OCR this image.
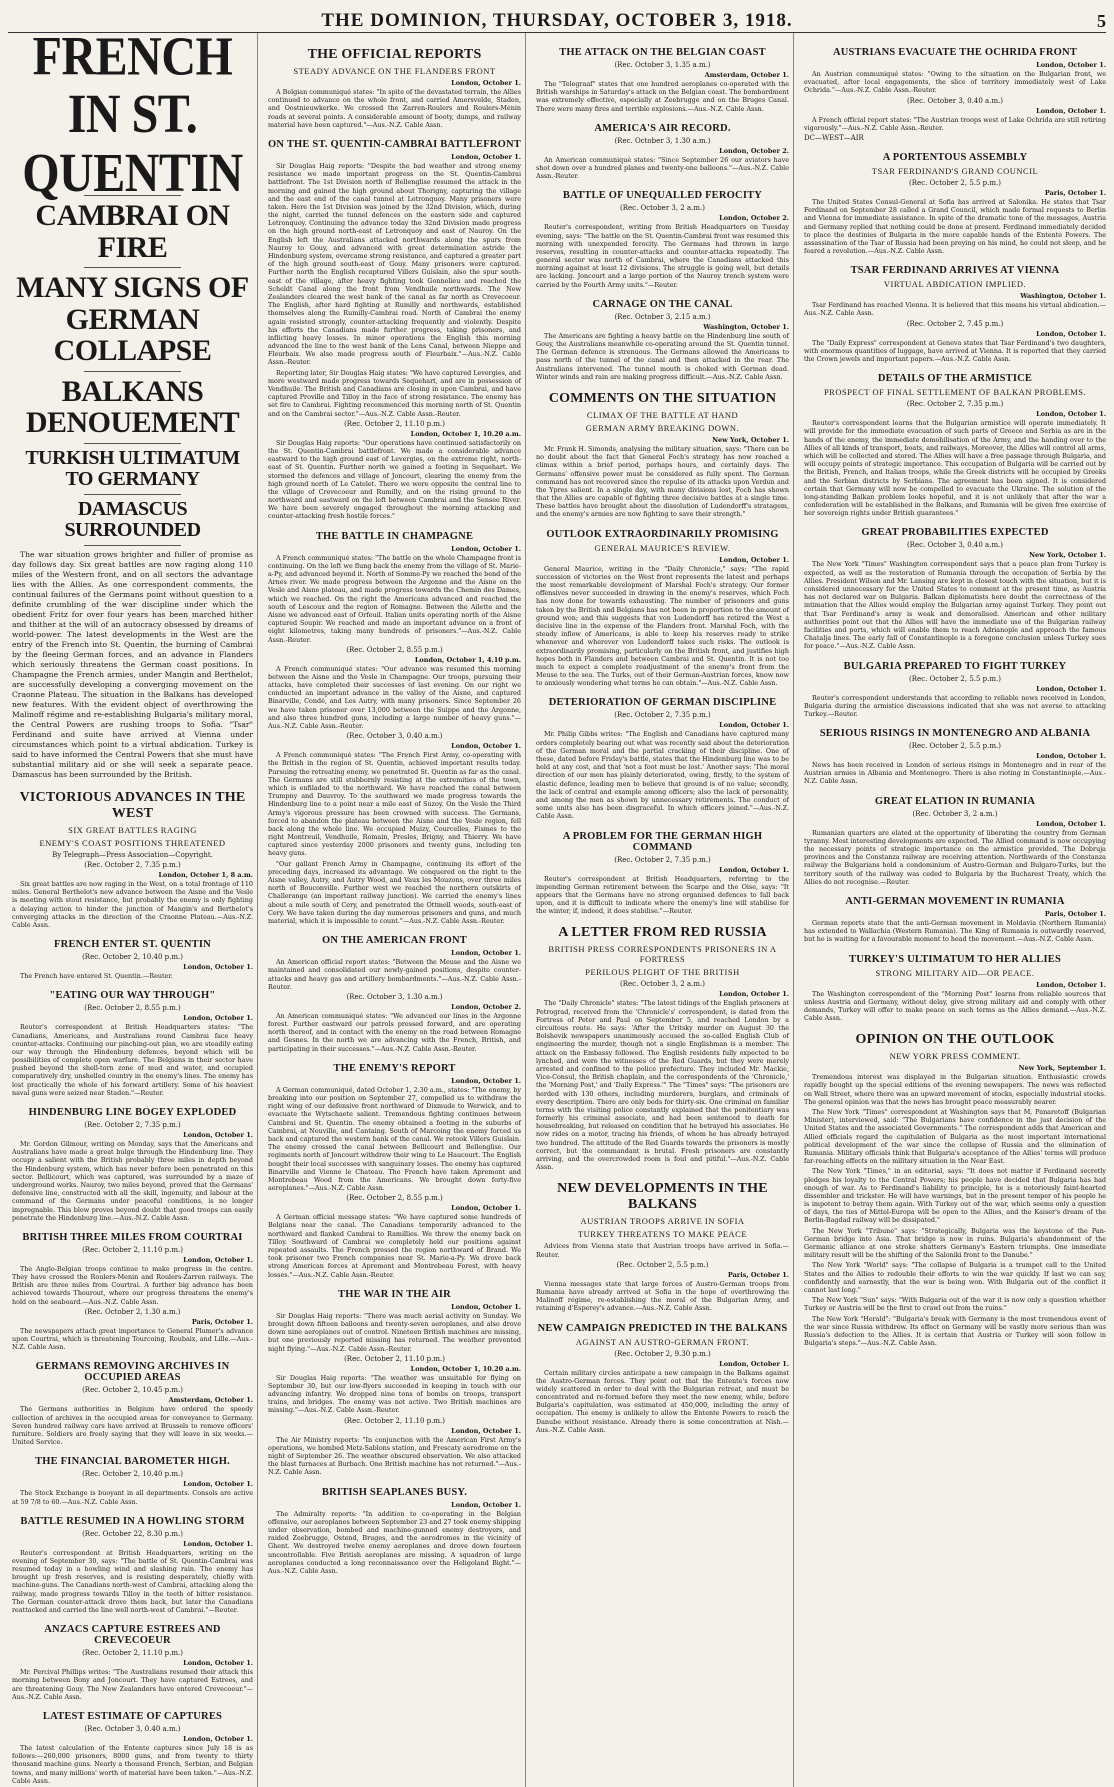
THE DOMINION, THURSDAY, OCTOBER 3, 1918.	5
FRENCH IN ST. QUENTIN
CAMBRAI ON FIRE
MANY SIGNS OF GERMAN COLLAPSE
BALKANS DENOUEMENT
TURKISH ULTIMATUM TO GERMANY
DAMASCUS SURROUNDED

The war situation grows brighter and fuller of promise as day follows day. Six great battles are now raging along 110 miles of the Western front, and on all sectors the advantage lies with the Allies. As one correspondent comments, the continual failures of the Germans point without question to a definite crumbling of the war discipline under which the obedient Fritz for over four years has been marched hither and thither at the will of an autocracy obsessed by dreams of world-power. The latest developments in the West are the entry of the French into St. Quentin, the burning of Cambrai by the fleeing German forces, and an advance in Flanders which seriously threatens the German coast positions. In Champagne the French armies, under Mangin and Berthelot, are successfully developing a converging movement on the Craonne Plateau. The situation in the Balkans has developed new features. With the evident object of overthrowing the Malinoff régime and re-establishing Bulgaria's military moral, the Central Powers are rushing troops to Sofia. "Tsar" Ferdinand and suite have arrived at Vienna under circumstances which point to a virtual abdication. Turkey is said to have informed the Central Powers that she must have substantial military aid or she will seek a separate peace. Damascus has been surrounded by the British.

VICTORIOUS ADVANCES IN THE WEST
SIX GREAT BATTLES RAGING
ENEMY'S COAST POSITIONS THREATENED
By Telegraph—Press Association—Copyright.
(Rec. October 2, 7.35 p.m.)
London, October 1, 8 a.m.

Six great battles are now raging in the West, on a total frontage of 110 miles. General Berthelot's new advance between the Aisne and the Vesle is meeting with stout resistance, but probably the enemy is only fighting a delaying action to hinder the junction of Mangin's and Berthelot's converging attacks in the direction of the Craonne Plateau.—Aus.-N.Z. Cable Assn.

FRENCH ENTER ST. QUENTIN
(Rec. October 2, 10.40 p.m.)
London, October 1.

The French have entered St. Quentin.—Reuter.

"EATING OUR WAY THROUGH"
(Rec. October 2, 8.55 p.m.)
London, October 1.

Reuter's correspondent at British Headquarters states: "The Canadians, Americans, and Australians round Cambrai face heavy counter-attacks. Continuing our pinching-out plan, we are steadily eating our way through the Hindenburg defences, beyond which will be possibilities of complete open warfare. The Belgians in their sector have pushed beyond the shell-torn zone of mud and water, and occupied comparatively dry, unshelled country in the enemy's lines. The enemy has lost practically the whole of his forward artillery. Some of his heaviest naval guns were seized near Staden."—Reuter.

HINDENBURG LINE BOGEY EXPLODED
(Rec. October 2, 7.35 p.m.)
London, October 1.

Mr. Gordon Gilmour, writing on Monday, says that the Americans and Australians have made a great bulge through the Hindenburg line. They occupy a salient with the British probably three miles in depth beyond the Hindenburg system, which has never before been penetrated on this sector. Bellicourt, which was captured, was surrounded by a maze of underground works. Nauroy, two miles beyond, proved that the Germans' defensive line, constructed with all the skill, ingenuity, and labour at the command of the Germans under peaceful conditions, is no longer impregnable. This blow proves beyond doubt that good troops can easily penetrate the Hindenburg line.—Aus.-N.Z. Cable Assn.

BRITISH THREE MILES FROM COURTRAI
(Rec. October 2, 11.10 p.m.)
London, October 1.

The Anglo-Belgian troops continue to make progress in the centre. They have crossed the Roulers-Menin and Roulers-Zarren railways. The British are three miles from Courtrai. A further big advance has been achieved towards Thourout, where our progress threatens the enemy's hold on the seaboard.—Aus.-N.Z. Cable Assn.

(Rec. October 2, 1.30 a.m.)
Paris, October 1.

The newspapers attach great importance to General Plumer's advance upon Courtrai, which is threatening Tourcoing, Roubaix, and Lille.—Aus.-N.Z. Cable Assn.

GERMANS REMOVING ARCHIVES IN OCCUPIED AREAS
(Rec. October 2, 10.45 p.m.)
Amsterdam, October 1.

The Germans authorities in Belgium have ordered the speedy collection of archives in the occupied areas for conveyance to Germany. Seven hundred railway cars have arrived at Brussels to remove officers' furniture. Soldiers are freely saying that they will leave in six weeks.—United Service.

THE FINANCIAL BAROMETER HIGH.
(Rec. October 2, 10.40 p.m.)
London, October 1.

The Stock Exchange is buoyant in all departments. Consols are active at 59 7/8 to 60.—Aus.-N.Z. Cable Assn.

BATTLE RESUMED IN A HOWLING STORM
(Rec. October 22, 8.30 p.m.)
London, October 1.

Reuter's correspondent at British Headquarters, writing on the evening of September 30, says: "The battle of St. Quentin-Cambrai was resumed today in a howling wind and slashing rain. The enemy has brought up fresh reserves, and is resisting desperately, chiefly with machine-guns. The Canadians north-west of Cambrai, attacking along the railway, made progress towards Tilloy in the teeth of bitter resistance. The German counter-attack drove them back, but later the Canadians reattacked and carried the line well north-west of Cambrai."—Reuter.

ANZACS CAPTURE ESTREES AND CREVECOEUR
(Rec. October 2, 11.10 p.m.)
London, October 1.

Mr. Percival Phillips writes: "The Australians resumed their attack this morning between Bony and Joncourt. They have captured Estrees, and are threatening Gouy. The New Zealanders have entered Crevecoeur."—Aus.-N.Z. Cable Assn.

LATEST ESTIMATE OF CAPTURES
(Rec. October 3, 0.40 a.m.)
London, October 1.

The latest calculation of the Entente captures since July 18 is as follows:—260,000 prisoners, 8000 guns, and from twenty to thirty thousand machine guns. Nearly a thousand French, Serbian, and Belgian towns, and many millions' worth of material have been taken."—Aus.-N.Z. Cable Assn.

THE OFFICIAL REPORTS
STEADY ADVANCE ON THE FLANDERS FRONT
London, October 1.

A Belgian communiqué states: "In spite of the devastated terrain, the Allies continued to advance on the whole front, and carried Amersvelde, Staden, and Oostnieuwkerke. We crossed the Zarren-Roulers and Roulers-Menin roads at several points. A considerable amount of booty, dumps, and railway material have been captured."—Aus.-N.Z. Cable Assn.

ON THE ST. QUENTIN-CAMBRAI BATTLEFRONT
London, October 1.

Sir Douglas Haig reports: "Despite the bad weather and strong enemy resistance we made important progress on the St. Quentin-Cambrai battlefront. The 1st Division north of Bellenglise resumed the attack in the morning and gained the high ground about Thorigny, capturing the village and the east end of the canal tunnel at Letronquoy. Many prisoners were taken. Here the 1st Division was joined by the 32nd Division, which, during the night, carried the tunnel defences on the eastern side and captured Letronquoy. Continuing the advance today the 32nd Division made progress on the high ground north-east of Letronquoy and east of Nauroy. On the English left the Australians attacked northwards along the spurs from Nauroy to Gouy, and advanced with great determination astride the Hindenburg system, overcame strong resistance, and captured a greater part of the high ground south-east of Gouy. Many prisoners were captured. Further north the English recaptured Villers Guislain, also the spur south-east of the village, after heavy fighting took Gonnelieu and reached the Scheldt Canal along the front from Vendhuile northwards. The New Zealanders cleared the west bank of the canal as far north as Crevecoeur. The English, after hard fighting at Rumilly and northwards, established themselves along the Rumilly-Cambrai road. North of Cambrai the enemy again resisted strongly, counter-attacking frequently and violently. Despite his efforts the Canadians made further progress, taking prisoners, and inflicting heavy losses. In minor operations the English this morning advanced the line to the west bank of the Lens Canal, between Nieppe and Fleurbaix. We also made progress south of Fleurbaix."—Aus.-N.Z. Cable Assn.-Reuter.

Reporting later, Sir Douglas Haig states: "We have captured Levergies, and more westward made progress towards Sequehart, and are in possession of Vendhuile. The British and Canadians are closing in upon Cambrai, and have captured Proville and Tilloy in the face of strong resistance. The enemy has set fire to Cambrai. Fighting recommenced this morning north of St. Quentin and on the Cambrai sector."—Aus.-N.Z. Cable Assn.-Reuter.

(Rec. October 2, 11.10 p.m.)
London, October 1, 10.20 a.m.

Sir Douglas Haig reports: "Our operations have continued satisfactorily on the St. Quentin-Cambrai battlefront. We made a considerable advance eastward to the high ground east of Levergies, on the extreme right, north-east of St. Quentin. Further north we gained a footing in Sequehart. We stormed the defences and village of Joncourt, clearing the enemy from the high ground north of Le Catelet. There we were opposite the central line to the village of Crevecoeur and Rumilly, and on the rising ground to the northward and eastward on the left between Cambrai and the Sensee River. We have been severely engaged throughout the morning attacking and counter-attacking fresh hostile forces."

THE BATTLE IN CHAMPAGNE
London, October 1.

A French communiqué states: "The battle on the whole Champagne front is continuing. On the left we flung back the enemy from the village of St. Marie-a-Py, and advanced beyond it. North of Somme-Py we reached the bend of the Arnes river. We made progress between the Argonne and the Aisne on the Vesle and Aisne plateau, and made progress towards the Chemin des Dames, which we reached. On the right the Americans advanced and reached the south of Lescoux and the region of Romagne. Between the Ailette and the Aisne we advanced east of Orfeuil. Italian units operating north of the Aisne captured Soupir. We reached and made an important advance on a front of eight kilometres, taking many hundreds of prisoners."—Aus.-N.Z. Cable Assn.-Reuter.

(Rec. October 2, 8.55 p.m.)
London, October 1, 4.10 p.m.

A French communiqué states: "Our advance was resumed this morning between the Aisne and the Vesle in Champagne. Our troops, pursuing their attacks, have completed their successes of last evening. On our right we conducted an important advance in the valley of the Aisne, and captured Binarville, Condé, and Les Autry, with many prisoners. Since September 26 we have taken prisoner over 13,000 between the Suippe and the Argonne, and also three hundred guns, including a large number of heavy guns."—Aus.-N.Z. Cable Assn.-Reuter.

(Rec. October 3, 0.40 a.m.)
London, October 1.

A French communiqué states: "The French First Army, co-operating with the British in the region of St. Quentin, achieved important results today. Pursuing the retreating enemy, we penetrated St. Quentin as far as the canal. The Germans are still stubbornly resisting at the extremities of the town, which is enfiladed to the northward. We have reached the canal between Trumpny and Dauvroy. To the southward we made progress towards the Hindenburg line to a point near a mile east of Suzoy. On the Vesle the Third Army's vigorous pressure has been crowned with success. The Germans, forced to abandon the plateau between the Aisne and the Vesle region, fell back along the whole line. We occupied Muizy, Courcelles, Fismes to the right Montreuil, Vendhuile, Romain, Presles, Brigny, and Thierry. We have captured since yesterday 2000 prisoners and twenty guns, including ten heavy guns.

"Our gallant French Army in Champagne, continuing its effort of the preceding days, increased its advantage. We conquered on the right to the Aisne valley, Autry, and Autry Wood, and Vaux les Mouzons, over three miles north of Bouconville. Further west we reached the northern outskirts of Challerange (an important railway junction). We carried the enemy's lines about a mile south of Cery, and penetrated the Ottmell woods, south-east of Cery. We have taken during the day numerous prisoners and guns, and much material, which it is impossible to count."—Aus.-N.Z. Cable Assn.-Reuter.

ON THE AMERICAN FRONT
London, October 1.

An American official report states: "Between the Meuse and the Aisne we maintained and consolidated our newly-gained positions, despite counter-attacks and heavy gas and artillery bombardments."—Aus.-N.Z. Cable Assn.-Reuter.

(Rec. October 3, 1.30 a.m.)
London, October 2.

An American communiqué states: "We advanced our lines in the Argonne forest. Further eastward our patrols pressed forward, and are operating north thereof, and in contact with the enemy on the road between Romagne and Gesnes. In the north we are advancing with the French, British, and participating in their successes."—Aus.-N.Z. Cable Assn.-Reuter.

THE ENEMY'S REPORT
London, October 1.

A German communiqué, dated October 1, 2.30 a.m., states: "The enemy, by breaking into our position on September 27, compelled us to withdraw the right wing of our defensive front northward of Dixmude to Werwick, and to evacuate the Wytschaete salient. Tremendous fighting continues between Cambrai and St. Quentin. The enemy obtained a footing in the suburbs of Cambrai, at Neuville, and Cantaing. South of Marcoing the enemy forced us back and captured the western bank of the canal. We retook Villers Guislain. The enemy crossed the canal between Bellicourt and Bellenglise. Our regiments north of Joncourt withdrew their wing to Le Haucourt. The English bought their local successes with sanguinary losses. The enemy has captured Binarville and Vienne le Chateau. The French have taken Apremont and Montrebeau Wood from the Americans. We brought down forty-five aeroplanes."—Aus.-N.Z. Cable Assn.

(Rec. October 2, 8.55 p.m.)
London, October 1.

A German official message states: "We have captured some hundreds of Belgians near the canal. The Canadians temporarily advanced to the northward and flanked Cambrai to Ramillies. We threw the enemy back on Tilloy. Southward of Cambrai we completely held our positions against repeated assaults. The French pressed the region northward of Brand. We took prisoner two French companies near St. Marie-a-Py. We drove back strong American forces at Apremont and Montrebeau Forest, with heavy losses."—Aus.-N.Z. Cable Assn.-Reuter.

THE WAR IN THE AIR
London, October 1.

Sir Douglas Haig reports: "There was much aerial activity on Sunday. We brought down fifteen balloons and twenty-seven aeroplanes, and also drove down nine aeroplanes out of control. Nineteen British machines are missing, but one previously reported missing has returned. The weather prevented night flying."—Aus.-N.Z. Cable Assn.-Reuter.

(Rec. October 2, 11.10 p.m.)
London, October 1, 10.20 a.m.

Sir Douglas Haig reports: "The weather was unsuitable for flying on September 30, but our low-flyers succeeded in keeping in touch with our advancing infantry. We dropped nine tons of bombs on troops, transport trains, and bridges. The enemy was not active. Two British machines are missing."—Aus.-N.Z. Cable Assn.-Reuter.

(Rec. October 2, 11.10 p.m.)
London, October 1.

The Air Ministry reports: "In conjunction with the American First Army's operations, we bombed Metz-Sablons station, and Frescaty aerodrome on the night of September 26. The weather obscured observation. We also attacked the blast furnaces at Burbach. One British machine has not returned."—Aus.-N.Z. Cable Assn.

BRITISH SEAPLANES BUSY.
London, October 1.

The Admiralty reports: "In addition to co-operating in the Belgian offensive, our aeroplanes between September 23 and 27 took enemy shipping under observation, bombed and machine-gunned enemy destroyers, and raided Zeebrugge, Ostend, Bruges, and the aerodromes in the vicinity of Ghent. We destroyed twelve enemy aeroplanes and drove down fourteen uncontrollable. Five British aeroplanes are missing. A squadron of large aeroplanes conducted a long reconnaissance over the Heligoland Bight."—Aus.-N.Z. Cable Assn.

THE ATTACK ON THE BELGIAN COAST
(Rec. October 3, 1.35 a.m.)
Amsterdam, October 1.

The "Telegraaf" states that one hundred aeroplanes co-operated with the British warships in Saturday's attack on the Belgian coast. The bombardment was extremely effective, especially at Zeebrugge and on the Bruges Canal. There were many fires and terrible explosions.—Aus.-N.Z. Cable Assn.

AMERICA'S AIR RECORD.
(Rec. October 3, 1.30 a.m.)
London, October 2.

An American communiqué states: "Since September 26 our aviators have shot down over a hundred planes and twenty-one balloons."—Aus.-N.Z. Cable Assn.-Reuter.

BATTLE OF UNEQUALLED FEROCITY
(Rec. October 3, 2 a.m.)
London, October 2.

Reuter's correspondent, writing from British Headquarters on Tuesday evening, says: "The battle on the St. Quentin-Cambrai front was resumed this morning with unexpended ferocity. The Germans had thrown in large reserves, resulting in counter-attacks and counter-attacks repeatedly. The general sector was north of Cambrai, where the Canadians attacked this morning against at least 12 divisions. The struggle is going well, but details are lacking. Joncourt and a large portion of the Nauroy trench system were carried by the Fourth Army units."—Reuter.

CARNAGE ON THE CANAL
(Rec. October 3, 2.15 a.m.)
Washington, October 1.

The Americans are fighting a heavy battle on the Hindenburg line south of Gouy, the Australians meanwhile co-operating around the St. Quentin tunnel. The German defence is strenuous. The Germans allowed the Americans to pass north of the tunnel of the canal and then attacked in the rear. The Australians intervened. The tunnel mouth is choked with German dead. Winter winds and rain are making progress difficult.—Aus.-N.Z. Cable Assn.

COMMENTS ON THE SITUATION
CLIMAX OF THE BATTLE AT HAND
GERMAN ARMY BREAKING DOWN.
New York, October 1.

Mr. Frank H. Simonds, analysing the military situation, says: "There can be no doubt about the fact that General Foch's strategy has now reached a climax within a brief period, perhaps hours, and certainly days. The Germans' offensive power must be considered as fully spent. The German command has not recovered since the repulse of its attacks upon Verdun and the Ypres salient. In a single day, with many divisions lost, Foch has shown that the Allies are capable of fighting three decisive battles at a single time. These battles have brought about the dissolution of Ludendorff's stratagem, and the enemy's armies are now fighting to save their strength."

OUTLOOK EXTRAORDINARILY PROMISING
GENERAL MAURICE'S REVIEW.
London, October 1.

General Maurice, writing in the "Daily Chronicle," says: "The rapid succession of victories on the West front represents the latest and perhaps the most remarkable development of Marshal Foch's strategy. Our former offensives never succeeded in drawing in the enemy's reserves, which Foch has now done for towards exhausting. The number of prisoners and guns taken by the British and Belgians has not been in proportion to the amount of ground won; and this suggests that von Ludendorff has retired the West a decisive line in the expense of the Flanders front. Marshal Foch, with the steady inflow of Americans, is able to keep his reserves ready to strike whenever and wherever von Ludendorff takes such risks. The outlook is extraordinarily promising, particularly on the British front, and justifies high hopes both in Flanders and between Cambrai and St. Quentin. It is not too much to expect a complete readjustment of the enemy's front from the Meuse to the sea. The Turks, out of their German-Austrian forces, know now to anxiously wondering what terms he can obtain."—Aus.-N.Z. Cable Assn.

DETERIORATION OF GERMAN DISCIPLINE
(Rec. October 2, 7.35 p.m.)
London, October 1.

Mr. Philip Gibbs writes: "The English and Canadians have captured many orders completely bearing out what was recently said about the deterioration of the German moral and the partial cracking of their discipline. One of these, dated before Friday's battle, states that the Hindenburg line was to be held at any cost, and that 'not a foot must be lost.' Another says: 'The moral direction of our men has plainly deteriorated, owing, firstly, to the system of elastic defence, leading men to believe that ground is of no value; secondly, the lack of central and example among officers; also the lack of personality, and among the men as shown by unnecessary retirements. The conduct of some units also has been disgraceful. In which officers joined."—Aus.-N.Z. Cable Assn.

A PROBLEM FOR THE GERMAN HIGH COMMAND
(Rec. October 2, 7.35 p.m.)
London, October 1.

Reuter's correspondent at British Headquarters, referring to the impending German retirement between the Scarpe and the Oise, says: "It appears that the Germans have no strong organised defences to fall back upon, and it is difficult to indicate where the enemy's line will stabilise for the winter, if, indeed, it does stabilise."—Reuter.

A LETTER FROM RED RUSSIA
BRITISH PRESS CORRESPONDENTS PRISONERS IN A FORTRESS
PERILOUS PLIGHT OF THE BRITISH
(Rec. October 3, 2 a.m.)
London, October 1.

The "Daily Chronicle" states: "The latest tidings of the English prisoners at Petrograd, received from the 'Chronicle's' correspondent, is dated from the Fortress of Peter and Paul on September 5, and reached London by a circuitous route. He says: 'After the Uritsky murder on August 30 the Bolshevik newspapers unanimously accused the so-called English Club of engineering the murder, though not a single Englishman is a member. The attack on the Embassy followed. The English residents fully expected to be lynched, and were the witnesses of the Red Guards, but they were merely arrested and confined to the police prefecture. They included Mr. Mackie, Vice-Consul, the British chaplain, and the correspondents of the 'Chronicle,' the 'Morning Post,' and 'Daily Express.'" The "Times" says: "The prisoners are herded with 130 others, including murderers, burglars, and criminals of every description. There are only beds for thirty-six. One criminal on familiar terms with the visiting police constantly explained that the penitentiary was formerly his criminal associate, and had been sentenced to death for housebreaking, but released on condition that he betrayed his associates. He now rides on a motor, tracing his friends, of whom he has already betrayed two hundred. The attitude of the Red Guards towards the prisoners is mostly correct, but the commandant is brutal. Fresh prisoners are constantly arriving, and the overcrowded room is foul and pitiful."—Aus.-N.Z. Cable Assn.

NEW DEVELOPMENTS IN THE BALKANS
AUSTRIAN TROOPS ARRIVE IN SOFIA
TURKEY THREATENS TO MAKE PEACE

Advices from Vienna state that Austrian troops have arrived in Sofia.—Reuter.

(Rec. October 2, 5.5 p.m.)
Paris, October 1.

Vienna messages state that large forces of Austro-German troops from Rumania have already arrived at Sofia in the hope of overthrowing the Malinoff régime, re-establishing the moral of the Bulgarian Army, and retaining d'Esperey's advance.—Aus.-N.Z. Cable Assn.

NEW CAMPAIGN PREDICTED IN THE BALKANS
AGAINST AN AUSTRO-GERMAN FRONT.
(Rec. October 2, 9.30 p.m.)
London, October 1.

Certain military circles anticipate a new campaign in the Balkans against the Austro-German forces. They point out that the Entente's forces now widely scattered in order to deal with the Bulgarian retreat, and must be concentrated and re-formed before they meet the new enemy, while, before Bulgaria's capitulation, was estimated at 450,000, including the army of occupation. The enemy is unlikely to allow the Entente Powers to reach the Danube without resistance. Already there is some concentration at Nish.—Aus.-N.Z. Cable Assn.

AUSTRIANS EVACUATE THE OCHRIDA FRONT
London, October 1.

An Austrian communiqué states: "Owing to the situation on the Bulgarian front, we evacuated, after local engagements, the slice of territory immediately west of Lake Ochrida."—Aus.-N.Z. Cable Assn.-Reuter.

(Rec. October 3, 0.40 a.m.)
London, October 1.

A French official report states: "The Austrian troops west of Lake Ochrida are still retiring vigorously."—Aus.-N.Z. Cable Assn.-Reuter.

DC—WEST—AIR
A PORTENTOUS ASSEMBLY
TSAR FERDINAND'S GRAND COUNCIL
(Rec. October 2, 5.5 p.m.)
Paris, October 1.

The United States Consul-General at Sofia has arrived at Salonika. He states that Tsar Ferdinand on September 28 called a Grand Council, which made formal requests to Berlin and Vienna for immediate assistance. In spite of the dramatic tone of the messages, Austria and Germany replied that nothing could be done at present. Ferdinand immediately decided to place the destinies of Bulgaria in the more capable hands of the Entente Powers. The assassination of the Tsar of Russia had been preying on his mind, he could not sleep, and he feared a revolution.—Aus.-N.Z. Cable Assn.

TSAR FERDINAND ARRIVES AT VIENNA
VIRTUAL ABDICATION IMPLIED.
Washington, October 1.

Tsar Ferdinand has reached Vienna. It is believed that this means his virtual abdication.—Aus.-N.Z. Cable Assn.

(Rec. October 2, 7.45 p.m.)
London, October 1.

The "Daily Express" correspondent at Geneva states that Tsar Ferdinand's two daughters, with enormous quantities of luggage, have arrived at Vienna. It is reported that they carried the Crown jewels and important papers.—Aus.-N.Z. Cable Assn.

DETAILS OF THE ARMISTICE
PROSPECT OF FINAL SETTLEMENT OF BALKAN PROBLEMS.
(Rec. October 2, 7.35 p.m.)
London, October 1.

Reuter's correspondent learns that the Bulgarian armistice will operate immediately. It will provide for the immediate evacuation of such parts of Greece and Serbia as are in the hands of the enemy, the immediate demobilisation of the Army, and the handing over to the Allies of all kinds of transport, boats, and railways. Moreover, the Allies will control all arms, which will be collected and stored. The Allies will have a free passage through Bulgaria, and will occupy points of strategic importance. This occupation of Bulgaria will be carried out by the British, French, and Italian troops, while the Greek districts will be occupied by Greeks and the Serbian districts by Serbians. The agreement has been signed. It is considered certain that Germany will now be compelled to evacuate the Ukraine. The solution of the long-standing Balkan problem looks hopeful, and it is not unlikely that after the war a confederation will be established in the Balkans, and Rumania will be given free exercise of her sovereign rights under British guarantees."

GREAT PROBABILITIES EXPECTED
(Rec. October 3, 0.40 a.m.)
New York, October 1.

The New York "Times" Washington correspondent says that a peace plan from Turkey is expected, as well as the restoration of Rumania through the occupation of Serbia by the Allies. President Wilson and Mr. Lansing are kept in closest touch with the situation, but it is considered unnecessary for the United States to comment at the present time, as Austria has not declared war on Bulgaria. Balkan diplomatists here doubt the correctness of the intimation that the Allies would employ the Bulgarian army against Turkey. They point out that Tsar Ferdinand's army is weak and demoralised. American and other military authorities point out that the Allies will have the immediate use of the Bulgarian railway facilities and ports, which will enable them to reach Adrianople and approach the famous Chatalja lines. The early fall of Constantinople is a foregone conclusion unless Turkey sues for peace."—Aus.-N.Z. Cable Assn.

BULGARIA PREPARED TO FIGHT TURKEY
(Rec. October 2, 5.5 p.m.)
London, October 1.

Reuter's correspondent understands that according to reliable news received in London, Bulgaria during the armistice discussions indicated that she was not averse to attacking Turkey.—Reuter.

SERIOUS RISINGS IN MONTENEGRO AND ALBANIA
(Rec. October 2, 5.5 p.m.)
London, October 1.

News has been received in London of serious risings in Montenegro and in rear of the Austrian armies in Albania and Montenegro. There is also rioting in Constantinople.—Aus.-N.Z. Cable Assn.

GREAT ELATION IN RUMANIA
(Rec. October 3, 2 a.m.)
London, October 1.

Rumanian quarters are elated at the opportunity of liberating the country from German tyranny. Most interesting developments are expected. The Allied command is now occupying the necessary points of strategic importance on the armistice provided. The Dobruja provinces and the Constanza railway are receiving attention. Northwards of the Constanza railway the Bulgarians hold a condominium of Austro-German and Bulgaro-Turks, but the territory south of the railway was ceded to Bulgaria by the Bucharest Treaty, which the Allies do not recognise.—Reuter.

ANTI-GERMAN MOVEMENT IN RUMANIA
Paris, October 1.

German reports state that the anti-German movement in Moldavia (Northern Rumania) has extended to Wallachia (Western Rumania). The King of Rumania is outwardly reserved, but he is waiting for a favourable moment to head the movement.—Aus.-N.Z. Cable Assn.

TURKEY'S ULTIMATUM TO HER ALLIES
STRONG MILITARY AID—OR PEACE.
London, October 1.

The Washington correspondent of the "Morning Post" learns from reliable sources that unless Austria and Germany, without delay, give strong military aid and comply with other demands, Turkey will offer to make peace on such terms as the Allies demand.—Aus.-N.Z. Cable Assn.

OPINION ON THE OUTLOOK
NEW YORK PRESS COMMENT.
New York, September 1.

Tremendous interest was displayed in the Bulgarian situation. Enthusiastic crowds rapidly bought up the special editions of the evening newspapers. The news was reflected on Wall Street, where there was an upward movement of stocks, especially industrial stocks. The general opinion was that the news has brought peace measurably nearer.

The New York "Times" correspondent at Washington says that M. Panaretoff (Bulgarian Minister), interviewed, said: "The Bulgarians have confidence in the just decision of the United States and the associated Governments." The correspondent adds that American and Allied officials regard the capitulation of Bulgaria as the most important international political development of the war since the collapse of Russia and the elimination of Rumania. Military officials think that Bulgaria's acceptance of the Allies' terms will produce far-reaching effects on the military situation in the Near East.

The New York "Times," in an editorial, says: "It does not matter if Ferdinand secretly pledges his loyalty to the Central Powers; his people have decided that Bulgaria has had enough of war. As to Ferdinand's liability to principle, he is a notoriously faint-hearted dissembler and trickster. He will have warnings, but in the present temper of his people he is impotent to betray them again. With Turkey out of the war, which seems only a question of days, the ties of Mittel-Europa will be open to the Allies, and the Kaiser's dream of the Berlin-Bagdad railway will be dissipated."

The New York "Tribune" says: "Strategically, Bulgaria was the keystone of the Pan-German bridge into Asia. That bridge is now in ruins. Bulgaria's abandonment of the Germanic alliance at one stroke shatters Germany's Eastern triumphs. One immediate military result will be the shifting of the Saloniki front to the Danube."

The New York "World" says: "The collapse of Bulgaria is a trumpet call to the United States and the Allies to redouble their efforts to win the war quickly. If last we can say, confidently and earnestly, that the war is being won. With Bulgaria out of the conflict it cannot last long."

The New York "Sun" says: "With Bulgaria out of the war it is now only a question whether Turkey or Austria will be the first to crawl out from the ruins."

The New York "Herald": "Bulgaria's break with Germany is the most tremendous event of the war since Russia withdrew. Its effect on Germany will be vastly more serious than was Russia's defection to the Allies. It is certain that Austria or Turkey will soon follow in Bulgaria's steps."—Aus.-N.Z. Cable Assn.
